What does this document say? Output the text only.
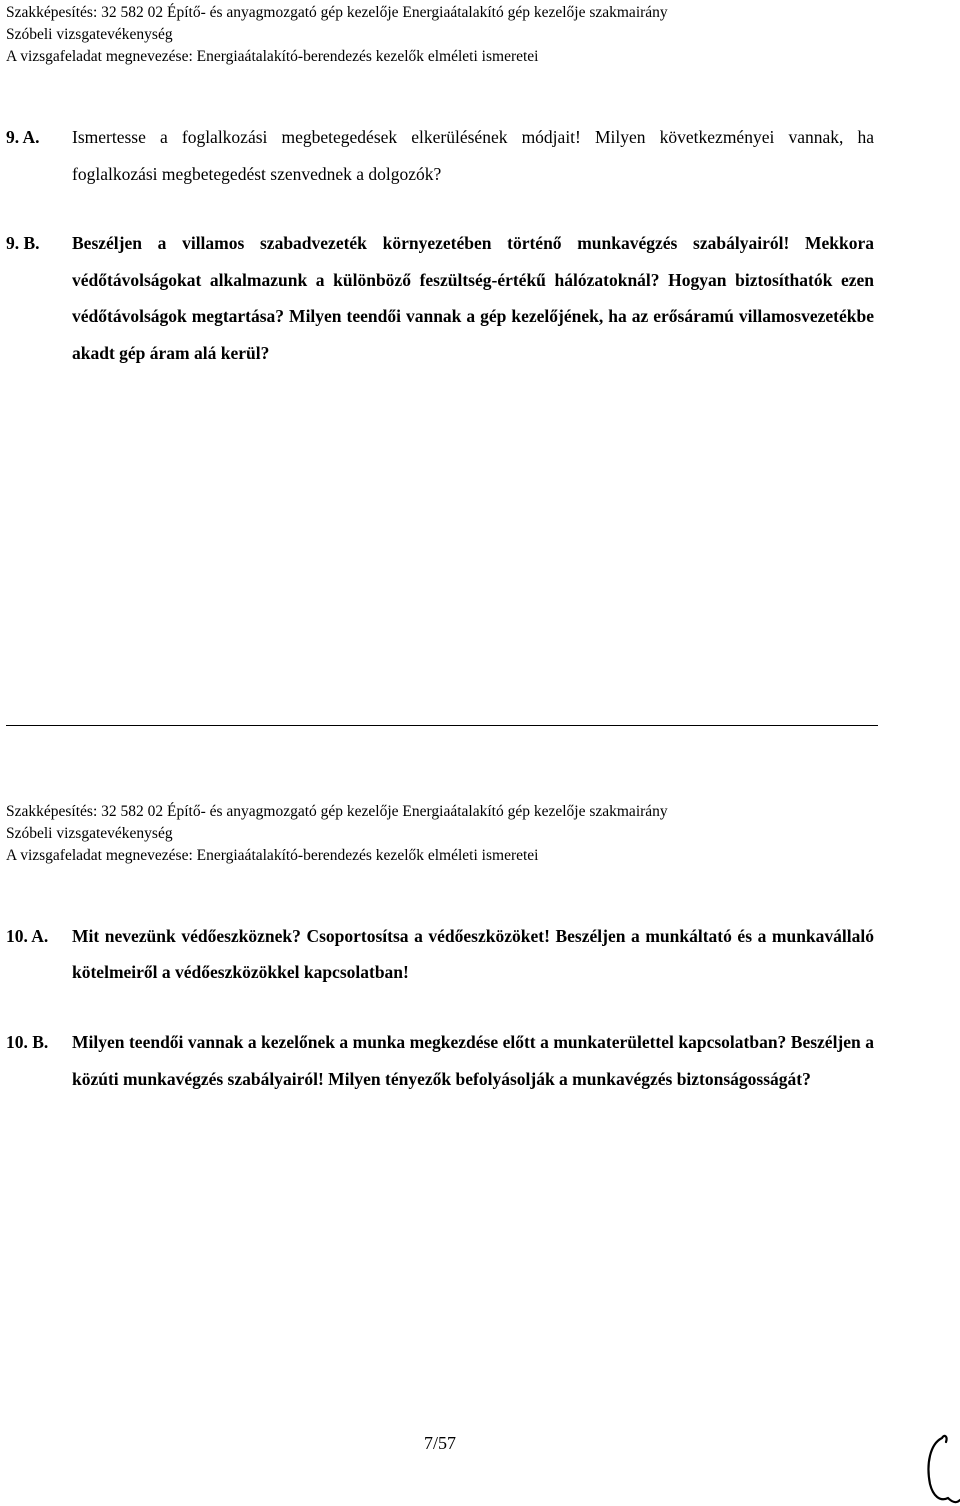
Szakképesítés: 32 582 02 Építő- és anyagmozgató gép kezelője Energiaátalakító gép kezelője szakmairány
Szóbeli vizsgatevékenység
A vizsgafeladat megnevezése: Energiaátalakító-berendezés kezelők elméleti ismeretei
9. A. Ismertesse a foglalkozási megbetegedések elkerülésének módjait! Milyen következményei vannak, ha foglalkozási megbetegedést szenvednek a dolgozók?
9. B. Beszéljen a villamos szabadvezeték környezetében történő munkavégzés szabályairól! Mekkora védőtávolságokat alkalmazunk a különböző feszültség-értékű hálózatoknál? Hogyan biztosíthatók ezen védőtávolságok megtartása? Milyen teendői vannak a gép kezelőjének, ha az erősáramú villamosvezetékbe akadt gép áram alá kerül?
Szakképesítés: 32 582 02 Építő- és anyagmozgató gép kezelője Energiaátalakító gép kezelője szakmairány
Szóbeli vizsgatevékenység
A vizsgafeladat megnevezése: Energiaátalakító-berendezés kezelők elméleti ismeretei
10. A. Mit nevezünk védőeszköznek? Csoportosítsa a védőeszközöket! Beszéljen a munkáltató és a munkavállaló kötelmeiről a védőeszközökkel kapcsolatban!
10. B. Milyen teendői vannak a kezelőnek a munka megkezdése előtt a munkaterülettel kapcsolatban? Beszéljen a közúti munkavégzés szabályairól! Milyen tényezők befolyásolják a munkavégzés biztonságosságát?
7/57
